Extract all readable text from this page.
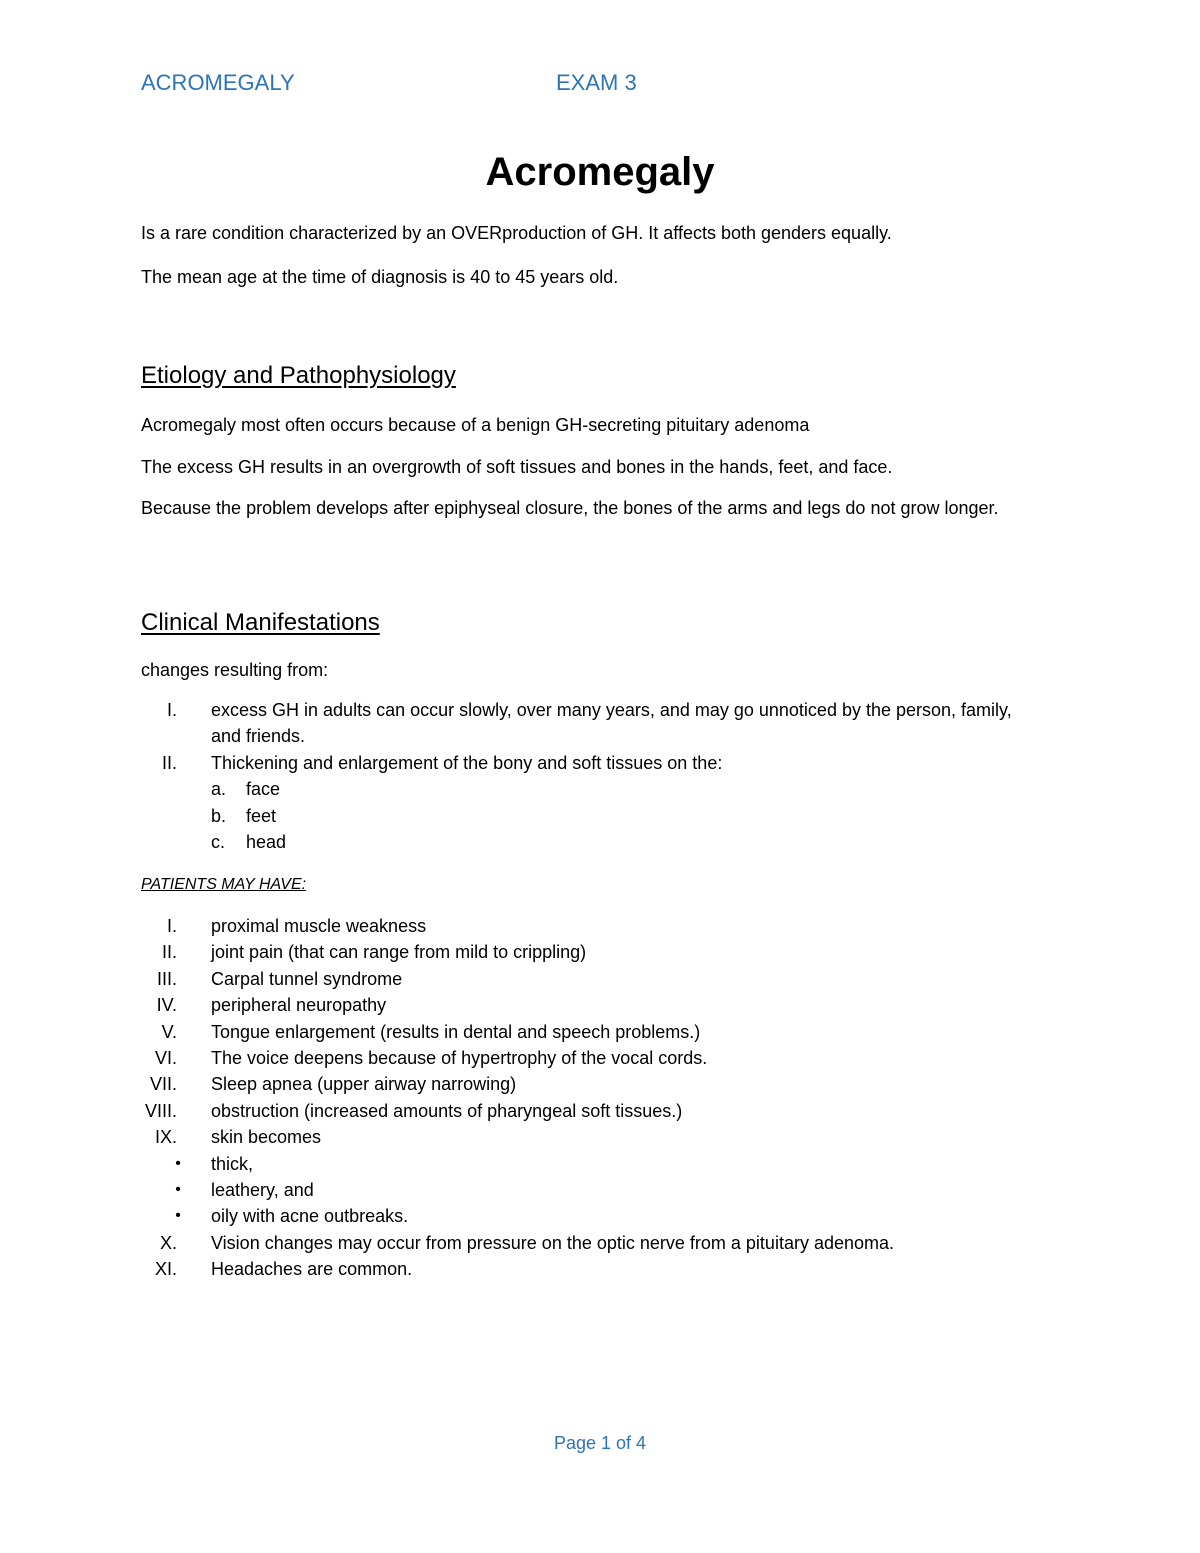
ACROMEGALY	EXAM 3
Acromegaly
Is a rare condition characterized by an OVERproduction of GH. It affects both genders equally.
The mean age at the time of diagnosis is 40 to 45 years old.
Etiology and Pathophysiology
Acromegaly most often occurs because of a benign GH-secreting pituitary adenoma
The excess GH results in an overgrowth of soft tissues and bones in the hands, feet, and face.
Because the problem develops after epiphyseal closure, the bones of the arms and legs do not grow longer.
Clinical Manifestations
changes resulting from:
I. excess GH in adults can occur slowly, over many years, and may go unnoticed by the person, family, and friends.
II. Thickening and enlargement of the bony and soft tissues on the:
a. face
b. feet
c. head
PATIENTS MAY HAVE:
I. proximal muscle weakness
II. joint pain (that can range from mild to crippling)
III. Carpal tunnel syndrome
IV. peripheral neuropathy
V. Tongue enlargement (results in dental and speech problems.)
VI. The voice deepens because of hypertrophy of the vocal cords.
VII. Sleep apnea (upper airway narrowing)
VIII. obstruction (increased amounts of pharyngeal soft tissues.)
IX. skin becomes
• thick,
• leathery, and
• oily with acne outbreaks.
X. Vision changes may occur from pressure on the optic nerve from a pituitary adenoma.
XI. Headaches are common.
Page 1 of 4
